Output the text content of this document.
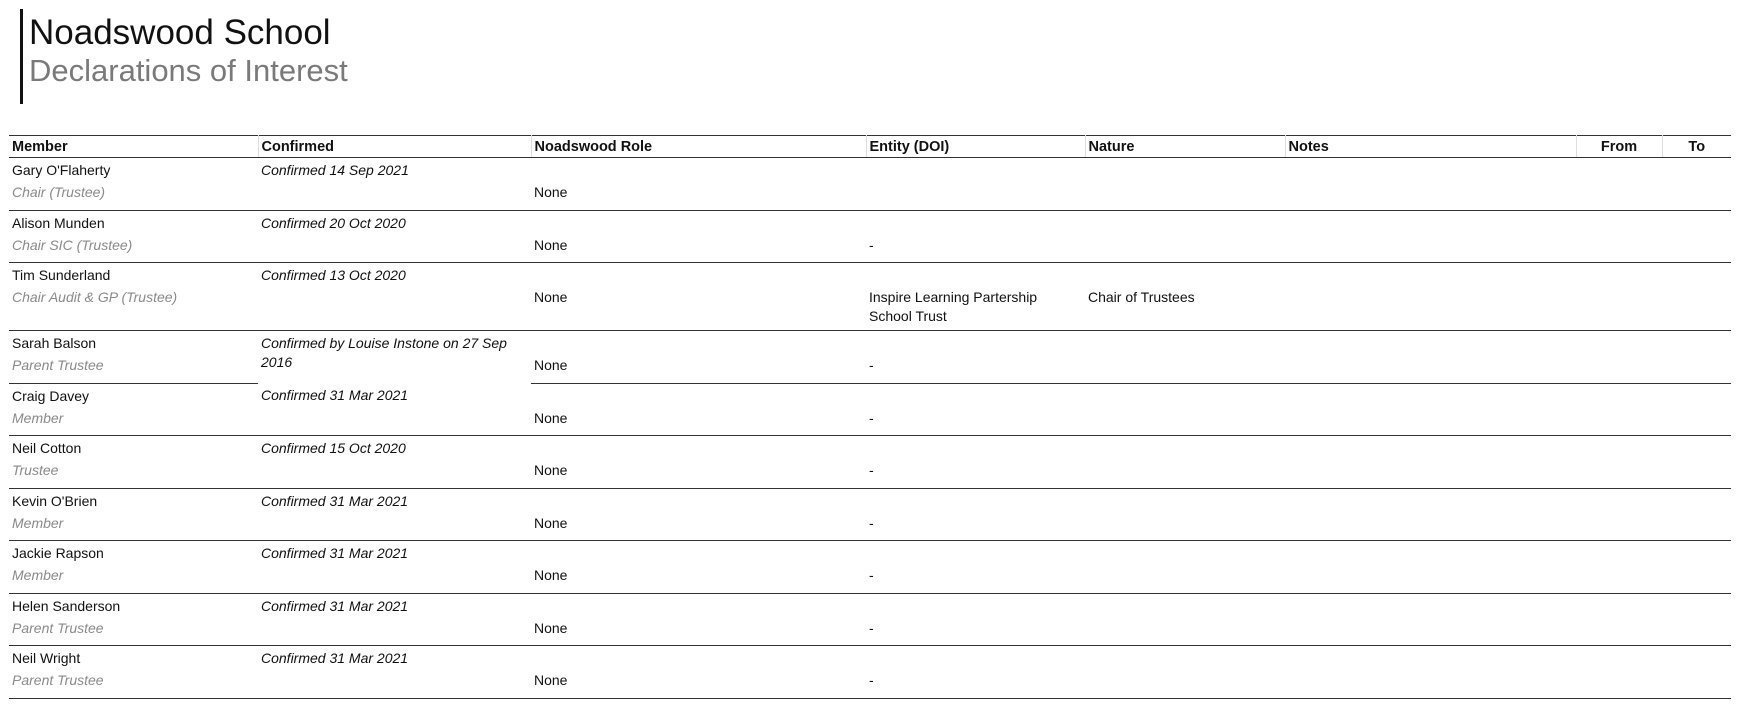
Noadswood School
Declarations of Interest
Member	Confirmed	Noadswood Role	Entity (DOI)	Nature	Notes	From	To
Gary O'Flaherty	Confirmed 14 Sep 2021						
Chair (Trustee)		None					
Alison Munden	Confirmed 20 Oct 2020						
Chair SIC (Trustee)		None	-				
Tim Sunderland	Confirmed 13 Oct 2020						
Chair Audit & GP (Trustee)		None	Inspire Learning Partership School Trust	Chair of Trustees			
Sarah Balson	Confirmed by Louise Instone on 27 Sep 2016						
Parent Trustee		None	-				
Craig Davey	Confirmed 31 Mar 2021						
Member		None	-				
Neil Cotton	Confirmed 15 Oct 2020						
Trustee		None	-				
Kevin O'Brien	Confirmed 31 Mar 2021						
Member		None	-				
Jackie Rapson	Confirmed 31 Mar 2021						
Member		None	-				
Helen Sanderson	Confirmed 31 Mar 2021						
Parent Trustee		None	-				
Neil Wright	Confirmed 31 Mar 2021						
Parent Trustee		None	-				
